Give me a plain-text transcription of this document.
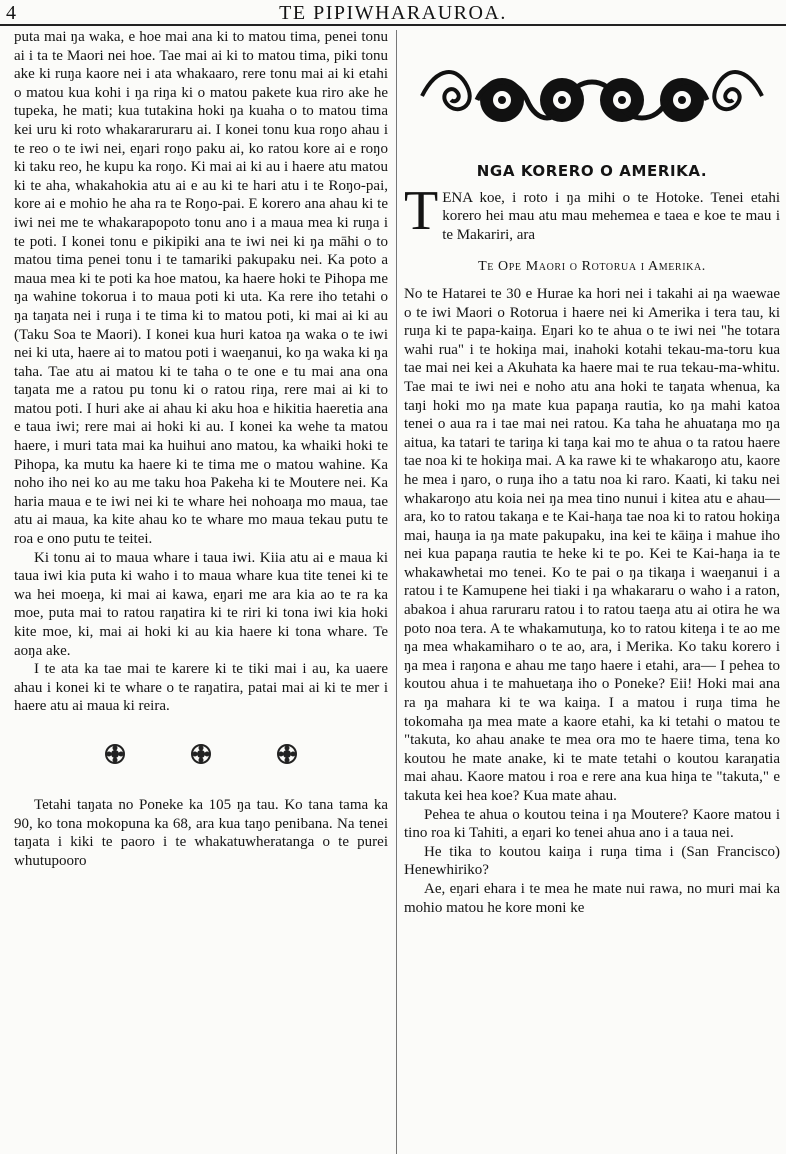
4	TE PIPIWHARAUROA.

puta mai ŋa waka, e hoe mai ana ki to matou tima, penei tonu ai i ta te Maori nei hoe. Tae mai ai ki to matou tima, piki tonu ake ki ruŋa kaore nei i ata whakaaro, rere tonu mai ai ki etahi o matou kua kohi i ŋa riŋa ki o matou pakete kua riro ake he tupeka, he mati; kua tutakina hoki ŋa kuaha o to matou tima kei uru ki roto whakararuraru ai. I konei tonu kua roŋo ahau i te reo o te iwi nei, eŋari roŋo paku ai, ko ratou kore ai e roŋo ki taku reo, he kupu ka roŋo. Ki mai ai ki au i haere atu matou ki te aha, whakahokia atu ai e au ki te hari atu i te Roŋo-pai, kore ai e mohio he aha ra te Roŋo-pai. E korero ana ahau ki te iwi nei me te whakarapopoto tonu ano i a maua mea ki ruŋa i te poti. I konei tonu e pikipiki ana te iwi nei ki ŋa māhi o to matou tima penei tonu i te tamariki pakupaku nei. Ka poto a maua mea ki te poti ka hoe matou, ka haere hoki te Pihopa me ŋa wahine tokorua i to maua poti ki uta. Ka rere iho tetahi o ŋa taŋata nei i ruŋa i te tima ki to matou poti, ki mai ai ki au (Taku Soa te Maori). I konei kua huri katoa ŋa waka o te iwi nei ki uta, haere ai to matou poti i waeŋanui, ko ŋa waka ki ŋa taha. Tae atu ai matou ki te taha o te one e tu mai ana ona taŋata me a ratou pu tonu ki o ratou riŋa, rere mai ai ki to matou poti. I huri ake ai ahau ki aku hoa e hikitia haeretia ana e taua iwi; rere mai ai hoki ki au. I konei ka wehe ta matou haere, i muri tata mai ka huihui ano matou, ka whaiki hoki te Pihopa, ka mutu ka haere ki te tima me o matou wahine. Ka noho iho nei ko au me taku hoa Pakeha ki te Moutere nei. Ka haria maua e te iwi nei ki te whare hei nohoaŋa mo maua, tae atu ai maua, ka kite ahau ko te whare mo maua tekau putu te roa e ono putu te teitei.

Ki tonu ai to maua whare i taua iwi. Kiia atu ai e maua ki taua iwi kia puta ki waho i to maua whare kua tite tenei ki te wa hei moeŋa, ki mai ai kawa, eŋari me ara kia ao te ra ka moe, puta mai to ratou raŋatira ki te riri ki tona iwi kia hoki kite moe, ki, mai ai hoki ki au kia haere ki tona whare. Te aoŋa ake.

I te ata ka tae mai te karere ki te tiki mai i au, ka uaere ahau i konei ki te whare o te raŋatira, patai mai ai ki te mer i haere atu ai maua ki reira.

Tetahi taŋata no Poneke ka 105 ŋa tau. Ko tana tama ka 90, ko tona mokopuna ka 68, ara kua taŋo penibana. Na tenei taŋata i kiki te paoro i te whakatuwheratanga o te purei whutupooro

NGA KORERO O AMERIKA.

TENA koe, i roto i ŋa mihi o te Hotoke. Tenei etahi korero hei mau atu mau mehemea e taea e koe te mau i te Makariri, ara

Te Ope Maori o Rotorua i Amerika.

No te Hatarei te 30 e Hurae ka hori nei i takahi ai ŋa waewae o te iwi Maori o Rotorua i haere nei ki Amerika i tera tau, ki ruŋa ki te papa-kaiŋa. Eŋari ko te ahua o te iwi nei "he totara wahi rua" i te hokiŋa mai, inahoki kotahi tekau-ma-toru kua tae mai nei kei a Akuhata ka haere mai te rua tekau-ma-whitu. Tae mai te iwi nei e noho atu ana hoki te taŋata whenua, ka taŋi hoki mo ŋa mate kua papaŋa rautia, ko ŋa mahi katoa tenei o aua ra i tae mai nei ratou. Ka taha he ahuataŋa mo ŋa aitua, ka tatari te tariŋa ki taŋa kai mo te ahua o ta ratou haere tae noa ki te hokiŋa mai. A ka rawe ki te whakaroŋo atu, kaore he mea i ŋaro, o ruŋa iho a tatu noa ki raro. Kaati, ki taku nei whakaroŋo atu koia nei ŋa mea tino nunui i kitea atu e ahau—ara, ko to ratou takaŋa e te Kai-haŋa tae noa ki to ratou hokiŋa mai, hauŋa ia ŋa mate pakupaku, ina kei te kāiŋa i mahue iho nei kua papaŋa rautia te heke ki te po. Kei te Kai-haŋa ia te whakawhetai mo tenei. Ko te pai o ŋa tikaŋa i waeŋanui i a ratou i te Kamupene hei tiaki i ŋa whakararu o waho i a raton, abakoa i ahua raruraru ratou i to ratou taeŋa atu ai otira he wa poto noa tera. A te whakamutuŋa, ko to ratou kiteŋa i te ao me ŋa mea whakamiharo o te ao, ara, i Merika. Ko taku korero i ŋa mea i raŋona e ahau me taŋo haere i etahi, ara— I pehea to koutou ahua i te mahuetaŋa iho o Poneke? Eii! Hoki mai ana ra ŋa mahara ki te wa kaiŋa. I a matou i ruŋa tima he tokomaha ŋa mea mate a kaore etahi, ka ki tetahi o matou te "takuta, ko ahau anake te mea ora mo te haere tima, tena ko koutou he mate anake, ki te mate tetahi o koutou karaŋatia mai ahau. Kaore matou i roa e rere ana kua hiŋa te "takuta," e takuta kei hea koe? Kua mate ahau.

Pehea te ahua o koutou teina i ŋa Moutere? Kaore matou i tino roa ki Tahiti, a eŋari ko tenei ahua ano i a taua nei.

He tika to koutou kaiŋa i ruŋa tima i (San Francisco) Henewhiriko?

Ae, eŋari ehara i te mea he mate nui rawa, no muri mai ka mohio matou he kore moni ke
